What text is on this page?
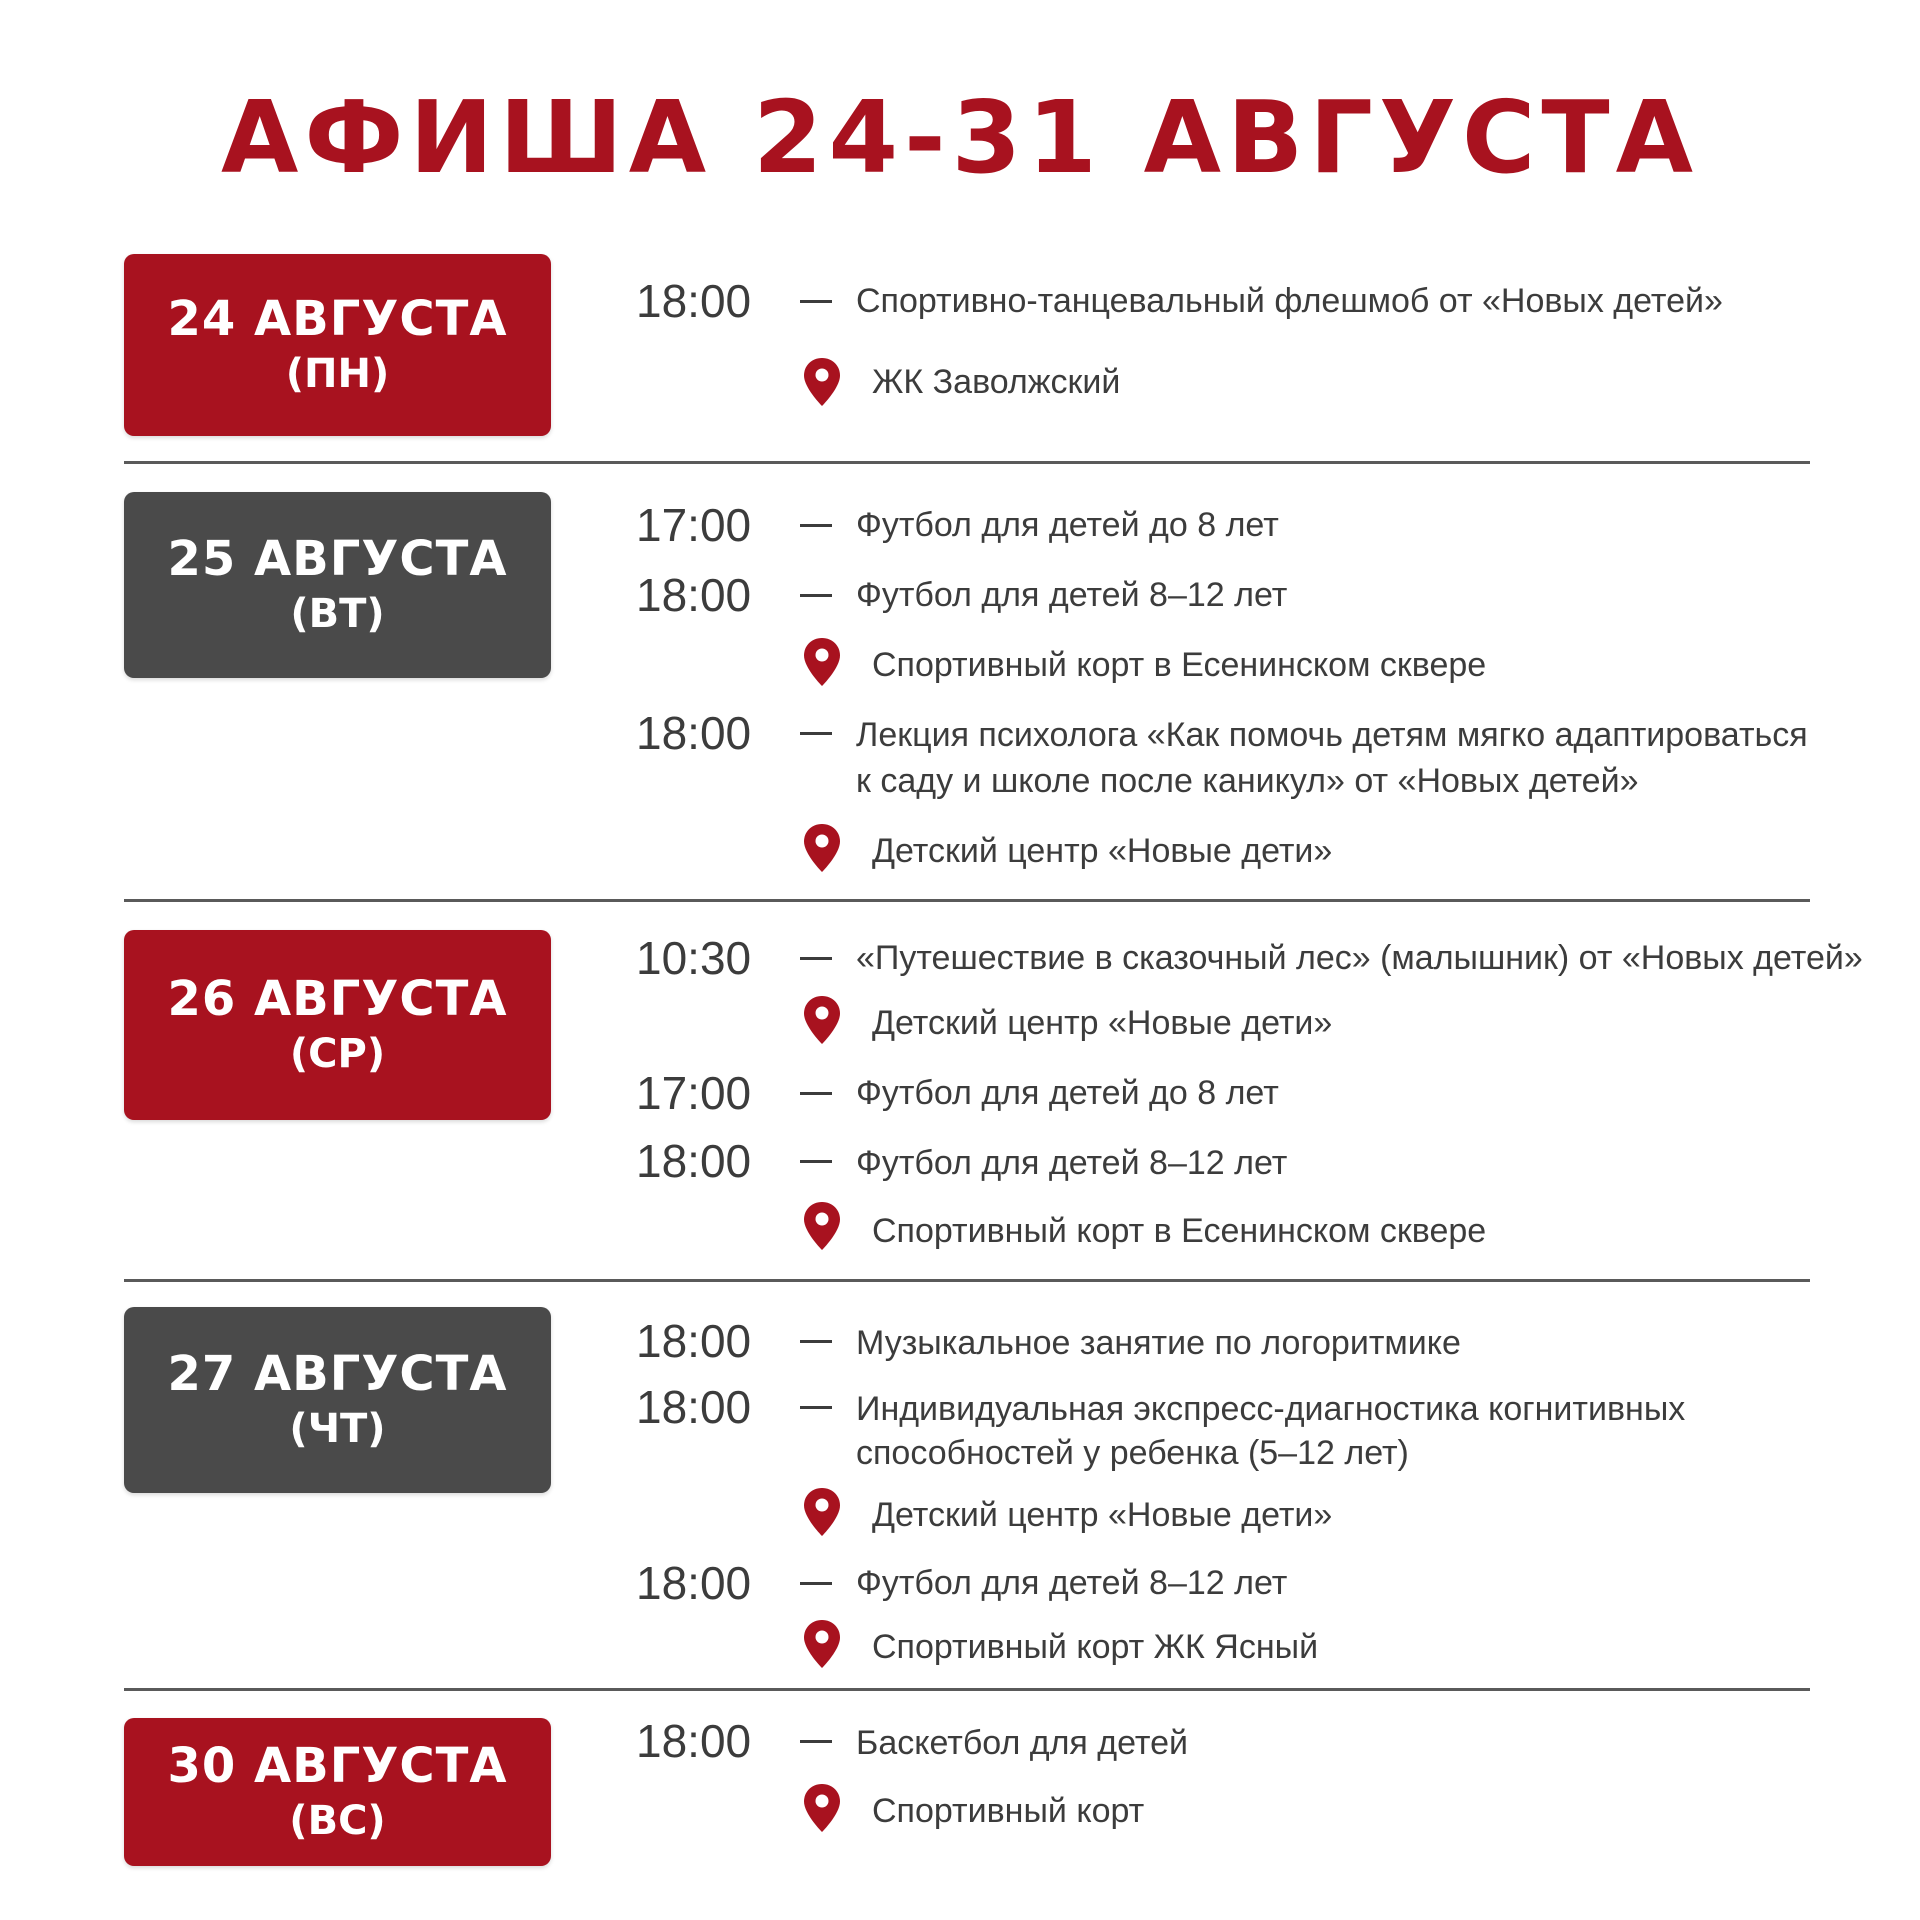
АФИША 24-31 АВГУСТА
24 АВГУСТА
(ПН)
18:00	Спортивно-танцевальный флешмоб от «Новых детей»
ЖК Заволжский
25 АВГУСТА
(ВТ)
17:00	Футбол для детей до 8 лет
18:00	Футбол для детей 8–12 лет
Спортивный корт в Есенинском сквере
18:00	Лекция психолога «Как помочь детям мягко адаптироваться
к саду и школе после каникул» от «Новых детей»
Детский центр «Новые дети»
26 АВГУСТА
(СР)
10:30	«Путешествие в сказочный лес» (малышник) от «Новых детей»
Детский центр «Новые дети»
17:00	Футбол для детей до 8 лет
18:00	Футбол для детей 8–12 лет
Спортивный корт в Есенинском сквере
27 АВГУСТА
(ЧТ)
18:00	Музыкальное занятие по логоритмике
18:00	Индивидуальная экспресс-диагностика когнитивных
способностей у ребенка (5–12 лет)
Детский центр «Новые дети»
18:00	Футбол для детей 8–12 лет
Спортивный корт ЖК Ясный
30 АВГУСТА
(ВС)
18:00	Баскетбол для детей
Спортивный корт
